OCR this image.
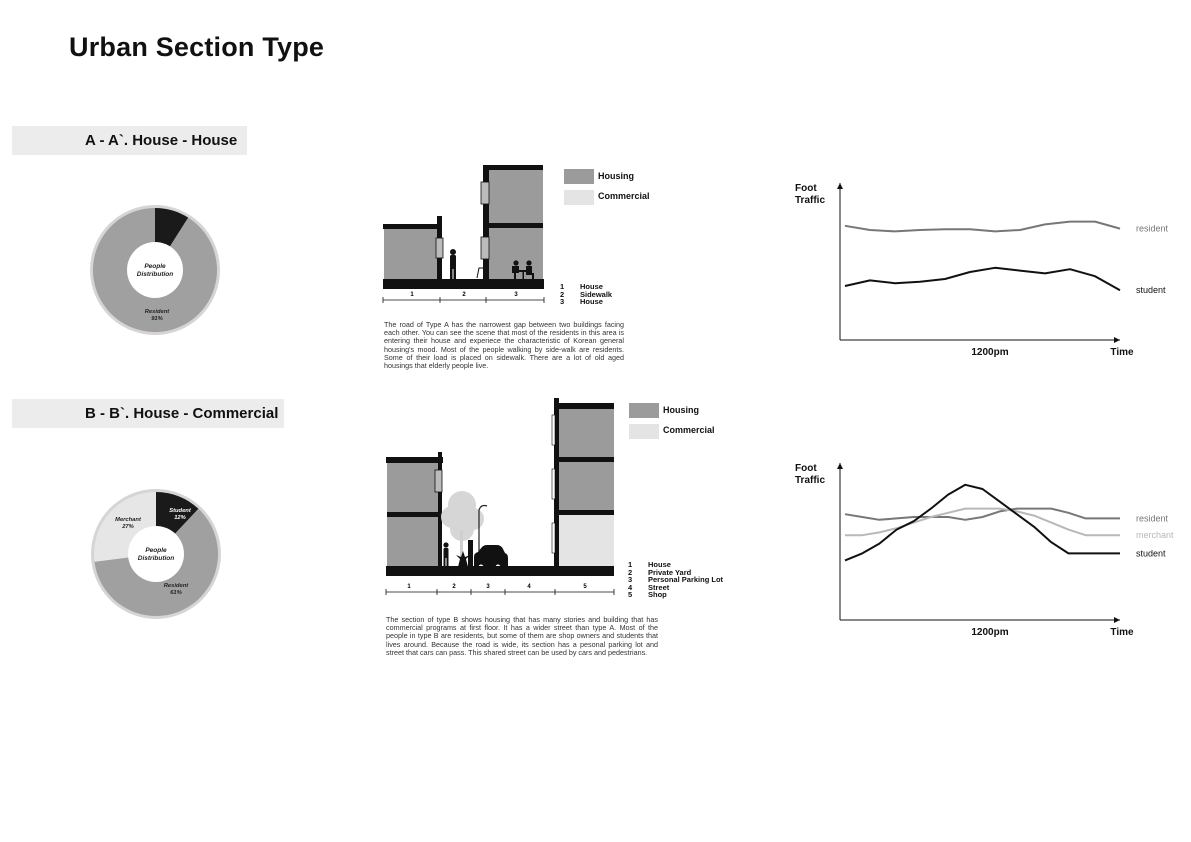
Urban Section Type
A - A`. House - House
Resident
91%
People
Distribution
1	2	3
Housing
Commercial
1 House
2 Sidewalk
3 House
The road of Type A has the narrowest gap between two buildings facing each other. You can see the scene that most of the residents in this area is entering their house and experiece the characteristic of Korean general housing's mood. Most of the people walking by side-walk are residents. Some of their load is placed on sidewalk. There are a lot of old aged housings that elderly people live.
Foot
Traffic
Time
1200pm
resident
student
B - B`. House - Commercial
Student
12%
Resident
61%
Merchant
27%
People
Distribution
1	2	3	4	5
Housing
Commercial
1 House
2 Private Yard
3 Personal Parking Lot
4 Street
5 Shop
The section of type B shows housing that has many stories and building that has commercial programs at first floor. It has a wider street than type A. Most of the people in type B are residents, but some of them are shop owners and students that lives around. Because the road is wide, its section has a pesonal parking lot and street that cars can pass. This shared street can be used by cars and pedestrians.
Foot
Traffic
Time
1200pm
resident
merchant
student
